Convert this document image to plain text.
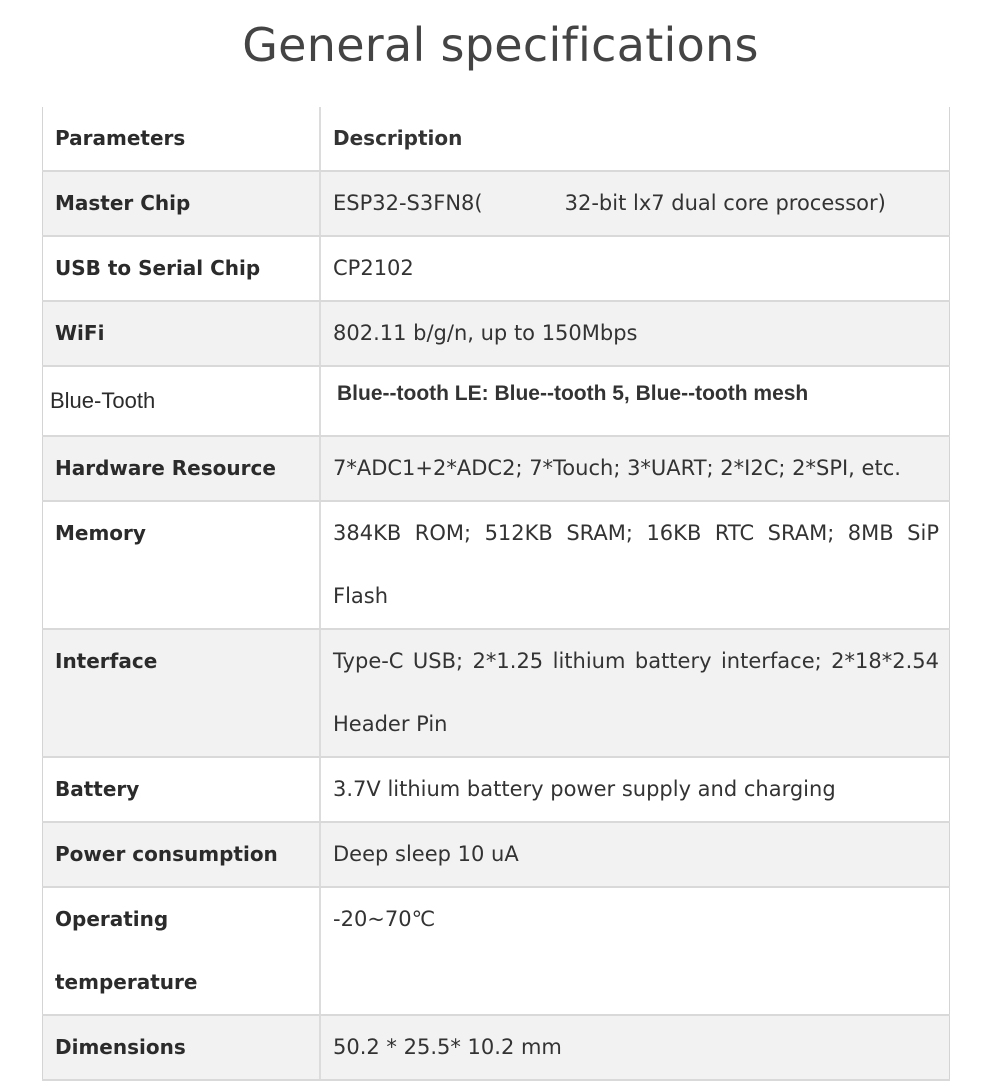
General specifications
Parameters	Description
Master Chip	ESP32-S3FN8( 32-bit lx7 dual core processor)
USB to Serial Chip	CP2102
WiFi	802.11 b/g/n, up to 150Mbps
Blue-Tooth	Blue--tooth LE: Blue--tooth 5, Blue--tooth mesh
Hardware Resource	7*ADC1+2*ADC2; 7*Touch; 3*UART; 2*I2C; 2*SPI, etc.
Memory	384KB ROM; 512KB SRAM; 16KB RTC SRAM; 8MB SiP Flash

Interface	Type-C USB; 2*1.25 lithium battery interface; 2*18*2.54 Header Pin

Battery	3.7V lithium battery power supply and charging
Power consumption	Deep sleep 10 uA
Operating temperature	-20~70℃
Dimensions	50.2 * 25.5* 10.2 mm
